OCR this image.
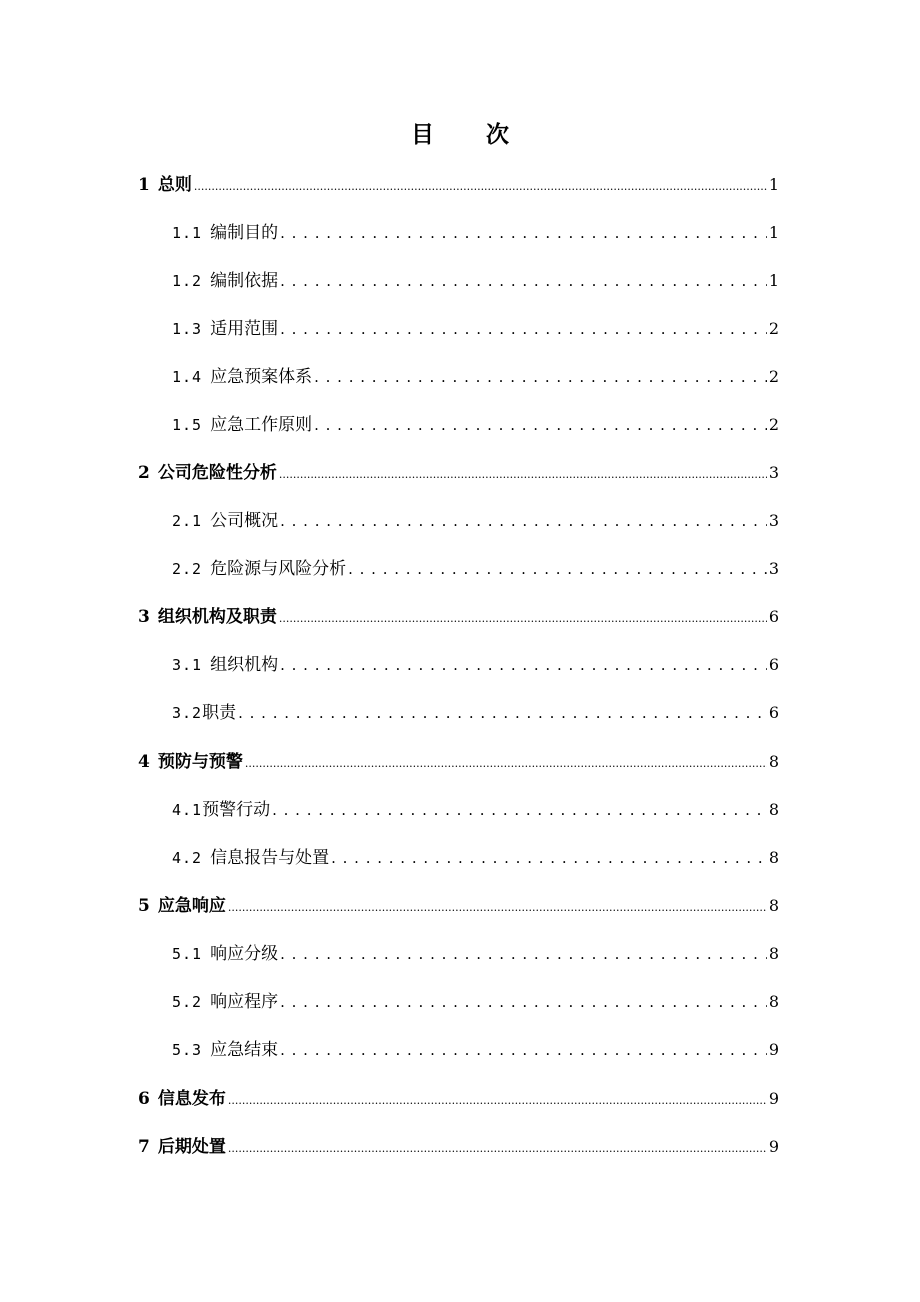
目 次
1 总则 .....	1
1.1 编制目的 . . .	1
1.2 编制依据 . . .	1
1.3 适用范围 . . .	2
1.4 应急预案体系 . . .	2
1.5 应急工作原则 . . .	2
2 公司危险性分析 .....	3
2.1 公司概况 . . .	3
2.2 危险源与风险分析 . . .	3
3 组织机构及职责 .....	6
3.1 组织机构 . . .	6
3.2 职责 . . .	6
4 预防与预警 .....	8
4.1 预警行动 . . .	8
4.2 信息报告与处置 . . .	8
5 应急响应 .....	8
5.1 响应分级 . . .	8
5.2 响应程序 . . .	8
5.3 应急结束 . . .	9
6 信息发布 .....	9
7 后期处置 .....	9
